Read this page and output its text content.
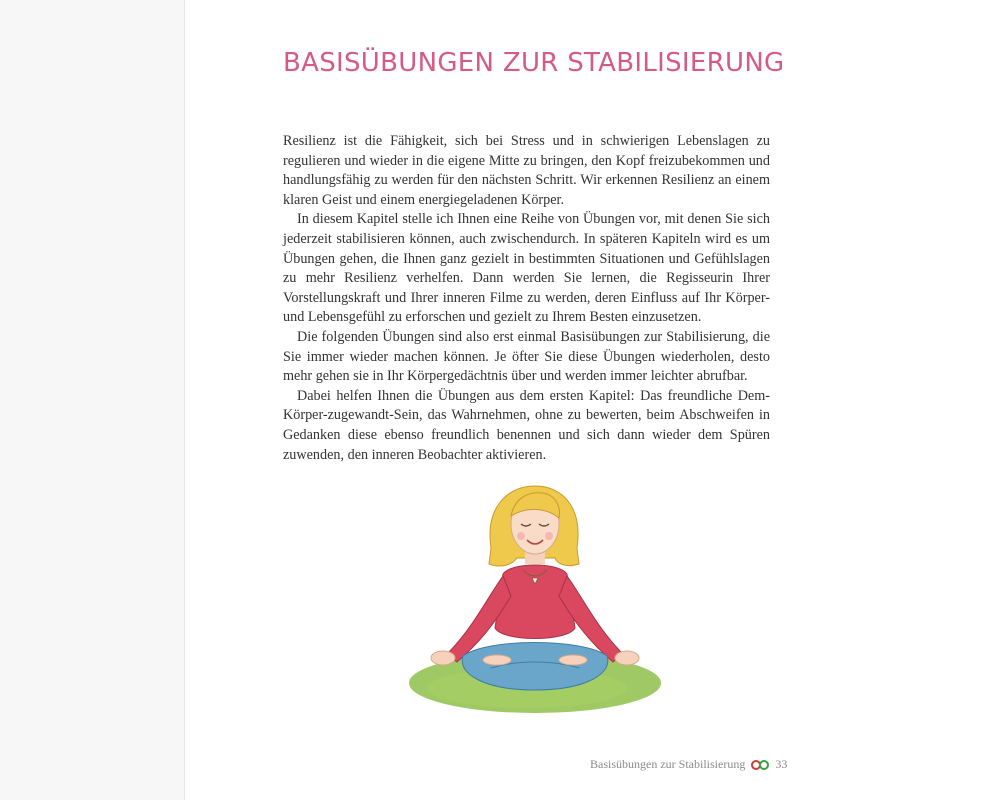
BASISÜBUNGEN ZUR STABILISIERUNG

Resilienz ist die Fähigkeit, sich bei Stress und in schwierigen Lebenslagen zu regulieren und wieder in die eigene Mitte zu bringen, den Kopf freizubekommen und handlungsfähig zu werden für den nächsten Schritt. Wir erkennen Resilienz an einem klaren Geist und einem energiegeladenen Körper.

In diesem Kapitel stelle ich Ihnen eine Reihe von Übungen vor, mit denen Sie sich jederzeit stabilisieren können, auch zwischendurch. In späteren Kapiteln wird es um Übungen gehen, die Ihnen ganz gezielt in bestimmten Situationen und Gefühlslagen zu mehr Resilienz verhelfen. Dann werden Sie lernen, die Regisseurin Ihrer Vorstellungskraft und Ihrer inneren Filme zu werden, deren Einfluss auf Ihr Körper- und Lebensgefühl zu erforschen und gezielt zu Ihrem Besten einzusetzen.

Die folgenden Übungen sind also erst einmal Basisübungen zur Stabilisierung, die Sie immer wieder machen können. Je öfter Sie diese Übungen wiederholen, desto mehr gehen sie in Ihr Körpergedächtnis über und werden immer leichter abrufbar.

Dabei helfen Ihnen die Übungen aus dem ersten Kapitel: Das freundliche Dem-Körper-zugewandt-Sein, das Wahrnehmen, ohne zu bewerten, beim Abschweifen in Gedanken diese ebenso freundlich benennen und sich dann wieder dem Spüren zuwenden, den inneren Beobachter aktivieren.

Basisübungen zur Stabilisierung	33
